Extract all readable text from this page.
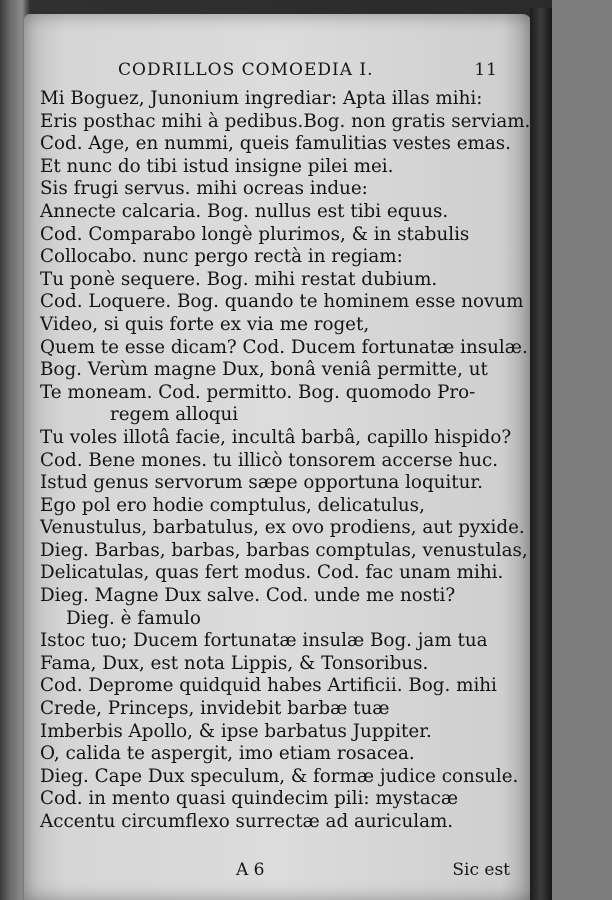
CODRILLOS COMOEDIA I.	11
Mi Boguez, Junonium ingrediar: Apta illas mihi:
Eris posthac mihi à pedibus.Bog. non gratis serviam.
Cod. Age, en nummi, queis famulitias vestes emas.
Et nunc do tibi istud insigne pilei mei.
Sis frugi servus. mihi ocreas indue:
Annecte calcaria. Bog. nullus est tibi equus.
Cod. Comparabo longè plurimos, & in stabulis
Collocabo. nunc pergo rectà in regiam:
Tu ponè sequere. Bog. mihi restat dubium.
Cod. Loquere. Bog. quando te hominem esse novum
Video, si quis forte ex via me roget,
Quem te esse dicam? Cod. Ducem fortunatæ insulæ.
Bog. Verùm magne Dux, bonâ veniâ permitte, ut
Te moneam. Cod. permitto. Bog. quomodo Pro-
regem alloqui
Tu voles illotâ facie, incultâ barbâ, capillo hispido?
Cod. Bene mones. tu illicò tonsorem accerse huc.
Istud genus servorum sæpe opportuna loquitur.
Ego pol ero hodie comptulus, delicatulus,
Venustulus, barbatulus, ex ovo prodiens, aut pyxide.
Dieg. Barbas, barbas, barbas comptulas, venustulas,
Delicatulas, quas fert modus. Cod. fac unam mihi.
Dieg. Magne Dux salve. Cod. unde me nosti?
Dieg. è famulo
Istoc tuo; Ducem fortunatæ insulæ Bog. jam tua
Fama, Dux, est nota Lippis, & Tonsoribus.
Cod. Deprome quidquid habes Artificii. Bog. mihi
Crede, Princeps, invidebit barbæ tuæ
Imberbis Apollo, & ipse barbatus Juppiter.
O, calida te aspergit, imo etiam rosacea.
Dieg. Cape Dux speculum, & formæ judice consule.
Cod. in mento quasi quindecim pili: mystacæ
Accentu circumflexo surrectæ ad auriculam.
A 6	Sic est
